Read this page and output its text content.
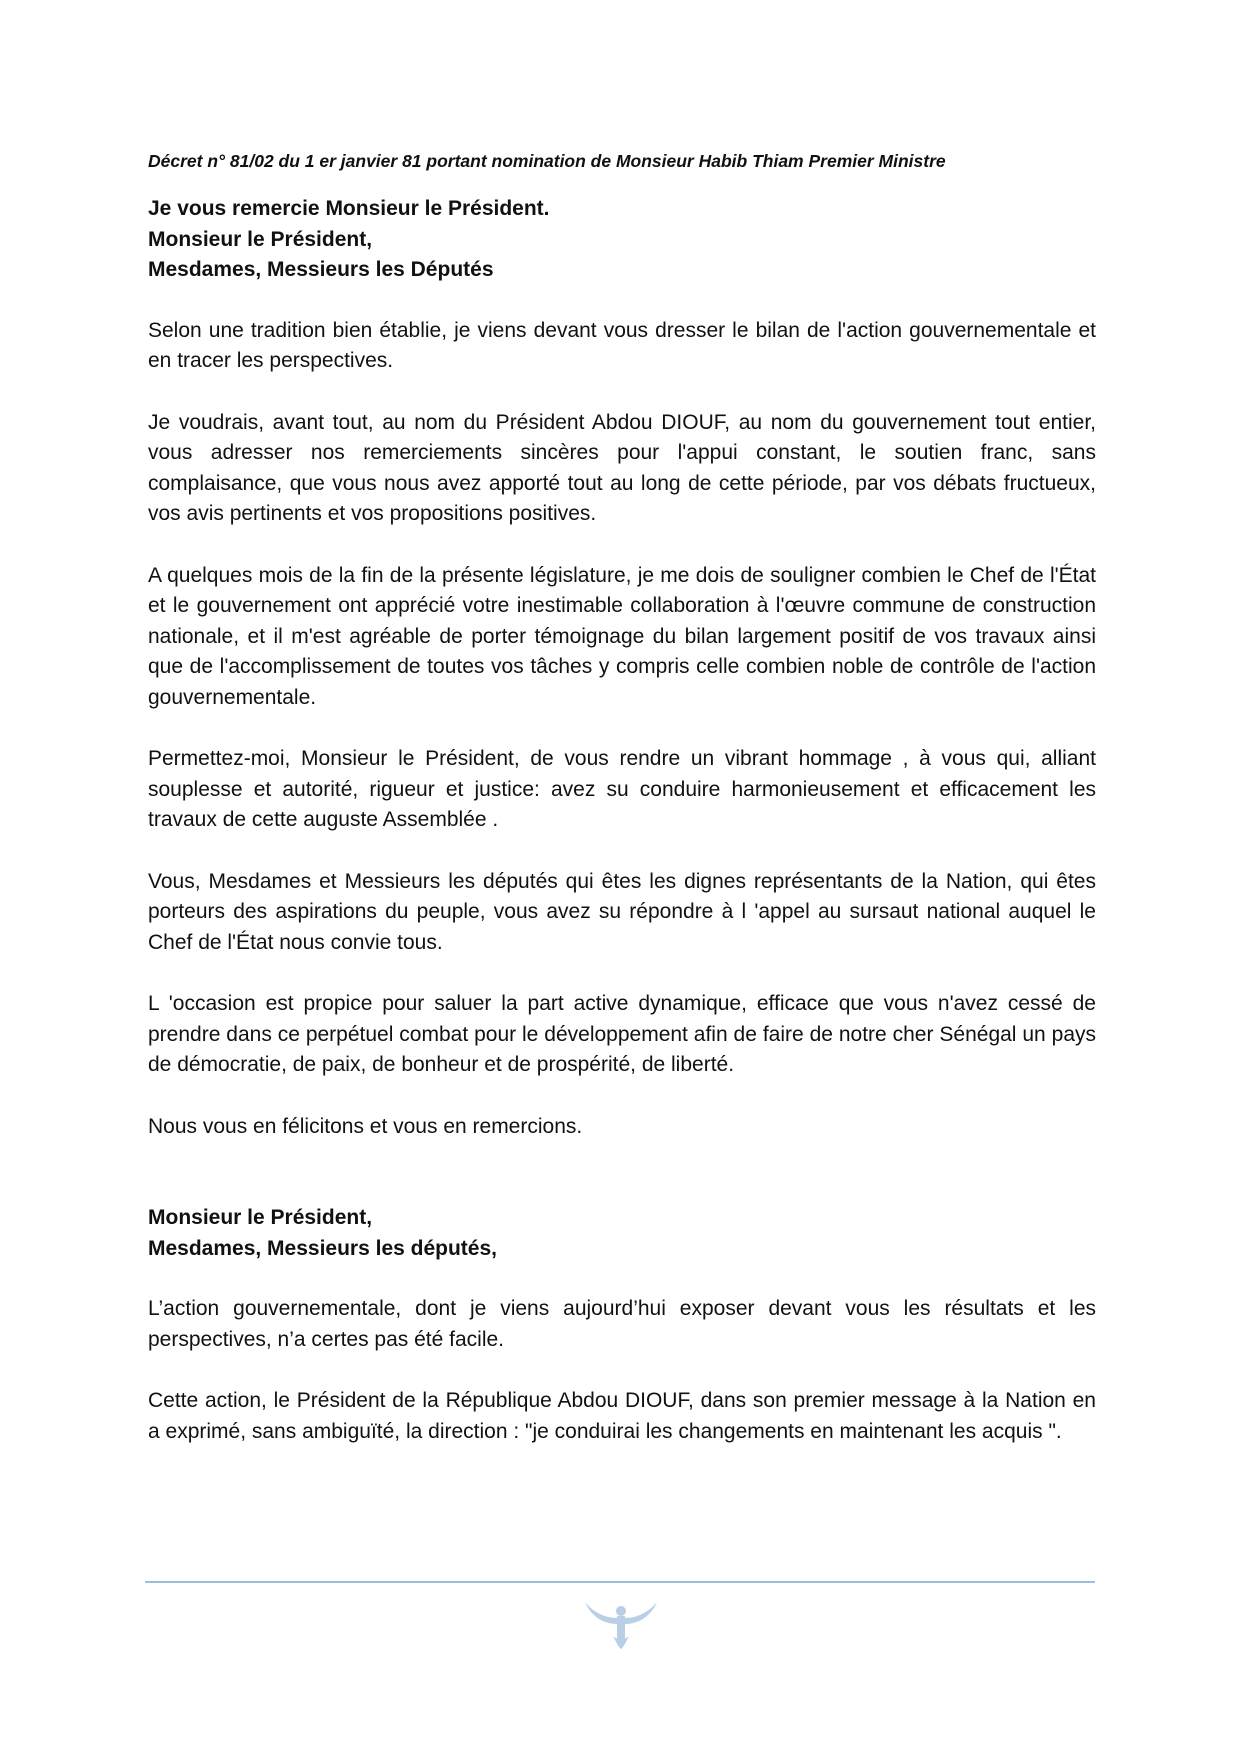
Décret n° 81/02 du 1 er janvier 81 portant nomination de Monsieur Habib Thiam Premier Ministre

Je vous remercie Monsieur le Président.
Monsieur le Président,
Mesdames, Messieurs les Députés

Selon une tradition bien établie, je viens devant vous dresser le bilan de l'action gouvernementale et en tracer les perspectives.

Je voudrais, avant tout, au nom du Président Abdou DIOUF, au nom du gouvernement tout entier, vous adresser nos remerciements sincères pour l'appui constant, le soutien franc, sans complaisance, que vous nous avez apporté tout au long de cette période, par vos débats fructueux, vos avis pertinents et vos propositions positives.

A quelques mois de la fin de la présente législature, je me dois de souligner combien le Chef de l'État et le gouvernement ont apprécié votre inestimable collaboration à l'œuvre commune de construction nationale, et il m'est agréable de porter témoignage du bilan largement positif de vos travaux ainsi que de l'accomplissement de toutes vos tâches y compris celle combien noble de contrôle de l'action gouvernementale.

Permettez-moi, Monsieur le Président, de vous rendre un vibrant hommage , à vous qui, alliant souplesse et autorité, rigueur et justice: avez su conduire harmonieusement et efficacement les travaux de cette auguste Assemblée .

Vous, Mesdames et Messieurs les députés qui êtes les dignes représentants de la Nation, qui êtes porteurs des aspirations du peuple, vous avez su répondre à l 'appel au sursaut national auquel le Chef de l'État nous convie tous.

L 'occasion est propice pour saluer la part active dynamique, efficace que vous n'avez cessé de prendre dans ce perpétuel combat pour le développement afin de faire de notre cher Sénégal un pays de démocratie, de paix, de bonheur et de prospérité, de liberté.

Nous vous en félicitons et vous en remercions.

Monsieur le Président,
Mesdames, Messieurs les députés,

L’action gouvernementale, dont je viens aujourd’hui exposer devant vous les résultats et les perspectives, n’a certes pas été facile.

Cette action, le Président de la République Abdou DIOUF, dans son premier message à la Nation en a exprimé, sans ambiguïté, la direction : "je conduirai les changements en maintenant les acquis ".
